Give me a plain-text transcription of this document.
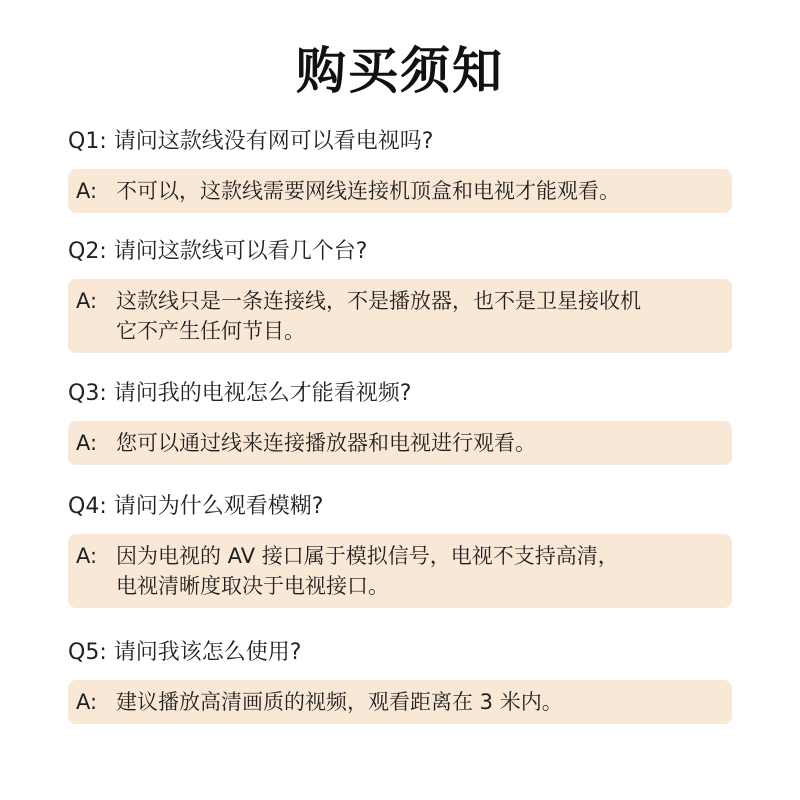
购买须知
Q1: 请问这款线没有网可以看电视吗?
A: 不可以，这款线需要网线连接机顶盒和电视才能观看。
Q2: 请问这款线可以看几个台?
A: 这款线只是一条连接线，不是播放器，也不是卫星接收机
它不产生任何节目。
Q3: 请问我的电视怎么才能看视频?
A: 您可以通过线来连接播放器和电视进行观看。
Q4: 请问为什么观看模糊?
A: 因为电视的 AV 接口属于模拟信号，电视不支持高清，
电视清晰度取决于电视接口。
Q5: 请问我该怎么使用?
A: 建议播放高清画质的视频，观看距离在 3 米内。
